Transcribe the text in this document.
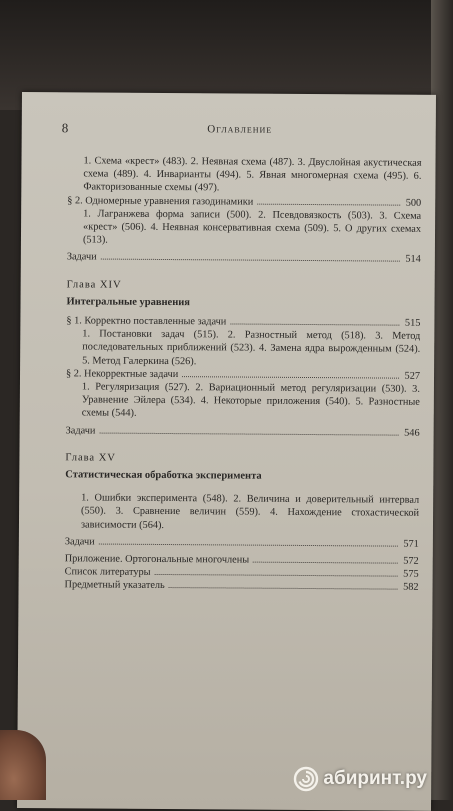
8	Оглавление
1. Схема «крест» (483). 2. Неявная схема (487). 3. Двуслойная акустическая схема (489). 4. Инварианты (494). 5. Явная многомерная схема (495). 6. Факторизованные схемы (497).
§ 2. Одномерные уравнения газодинамики	500
1. Лагранжева форма записи (500). 2. Псевдовязкость (503). 3. Схема «крест» (506). 4. Неявная консервативная схема (509). 5. О других схемах (513).
Задачи	514
Глава XIV
Интегральные уравнения
§ 1. Корректно поставленные задачи	515
1. Постановки задач (515). 2. Разностный метод (518). 3. Метод последовательных приближений (523). 4. Замена ядра вырожденным (524). 5. Метод Галеркина (526).
§ 2. Некорректные задачи	527
1. Регуляризация (527). 2. Вариационный метод регуляризации (530). 3. Уравнение Эйлера (534). 4. Некоторые приложения (540). 5. Разностные схемы (544).
Задачи	546
Глава XV
Статистическая обработка эксперимента
1. Ошибки эксперимента (548). 2. Величина и доверительный интервал (550). 3. Сравнение величин (559). 4. Нахождение стохастической зависимости (564).
Задачи	571
Приложение. Ортогональные многочлены	572
Список литературы	575
Предметный указатель	582
абиринт.ру
